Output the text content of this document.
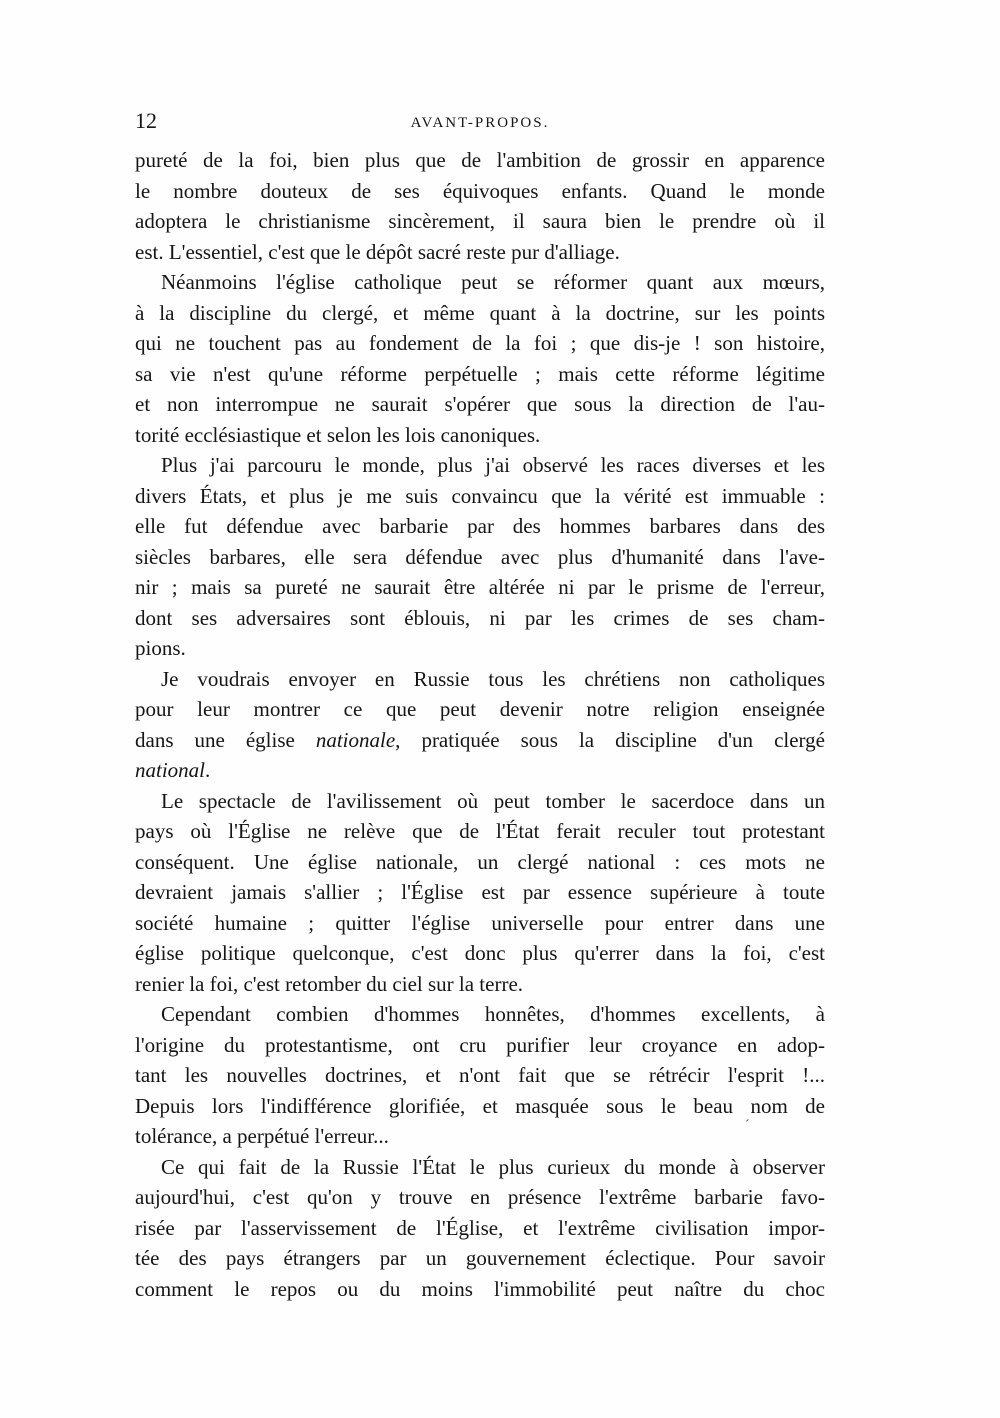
12	AVANT-PROPOS.
pureté de la foi, bien plus que de l'ambition de grossir en apparence
le nombre douteux de ses équivoques enfants. Quand le monde
adoptera le christianisme sincèrement, il saura bien le prendre où il
est. L'essentiel, c'est que le dépôt sacré reste pur d'alliage.
Néanmoins l'église catholique peut se réformer quant aux mœurs,
à la discipline du clergé, et même quant à la doctrine, sur les points
qui ne touchent pas au fondement de la foi ; que dis-je ! son histoire,
sa vie n'est qu'une réforme perpétuelle ; mais cette réforme légitime
et non interrompue ne saurait s'opérer que sous la direction de l'au-
torité ecclésiastique et selon les lois canoniques.
Plus j'ai parcouru le monde, plus j'ai observé les races diverses et les
divers États, et plus je me suis convaincu que la vérité est immuable :
elle fut défendue avec barbarie par des hommes barbares dans des
siècles barbares, elle sera défendue avec plus d'humanité dans l'ave-
nir ; mais sa pureté ne saurait être altérée ni par le prisme de l'erreur,
dont ses adversaires sont éblouis, ni par les crimes de ses cham-
pions.
Je voudrais envoyer en Russie tous les chrétiens non catholiques
pour leur montrer ce que peut devenir notre religion enseignée
dans une église nationale, pratiquée sous la discipline d'un clergé
national.
Le spectacle de l'avilissement où peut tomber le sacerdoce dans un
pays où l'Église ne relève que de l'État ferait reculer tout protestant
conséquent. Une église nationale, un clergé national : ces mots ne
devraient jamais s'allier ; l'Église est par essence supérieure à toute
société humaine ; quitter l'église universelle pour entrer dans une
église politique quelconque, c'est donc plus qu'errer dans la foi, c'est
renier la foi, c'est retomber du ciel sur la terre.
Cependant combien d'hommes honnêtes, d'hommes excellents, à
l'origine du protestantisme, ont cru purifier leur croyance en adop-
tant les nouvelles doctrines, et n'ont fait que se rétrécir l'esprit !...
Depuis lors l'indifférence glorifiée, et masquée sous le beau nom de
tolérance, a perpétué l'erreur...
Ce qui fait de la Russie l'État le plus curieux du monde à observer
aujourd'hui, c'est qu'on y trouve en présence l'extrême barbarie favo-
risée par l'asservissement de l'Église, et l'extrême civilisation impor-
tée des pays étrangers par un gouvernement éclectique. Pour savoir
comment le repos ou du moins l'immobilité peut naître du choc
ˊ
